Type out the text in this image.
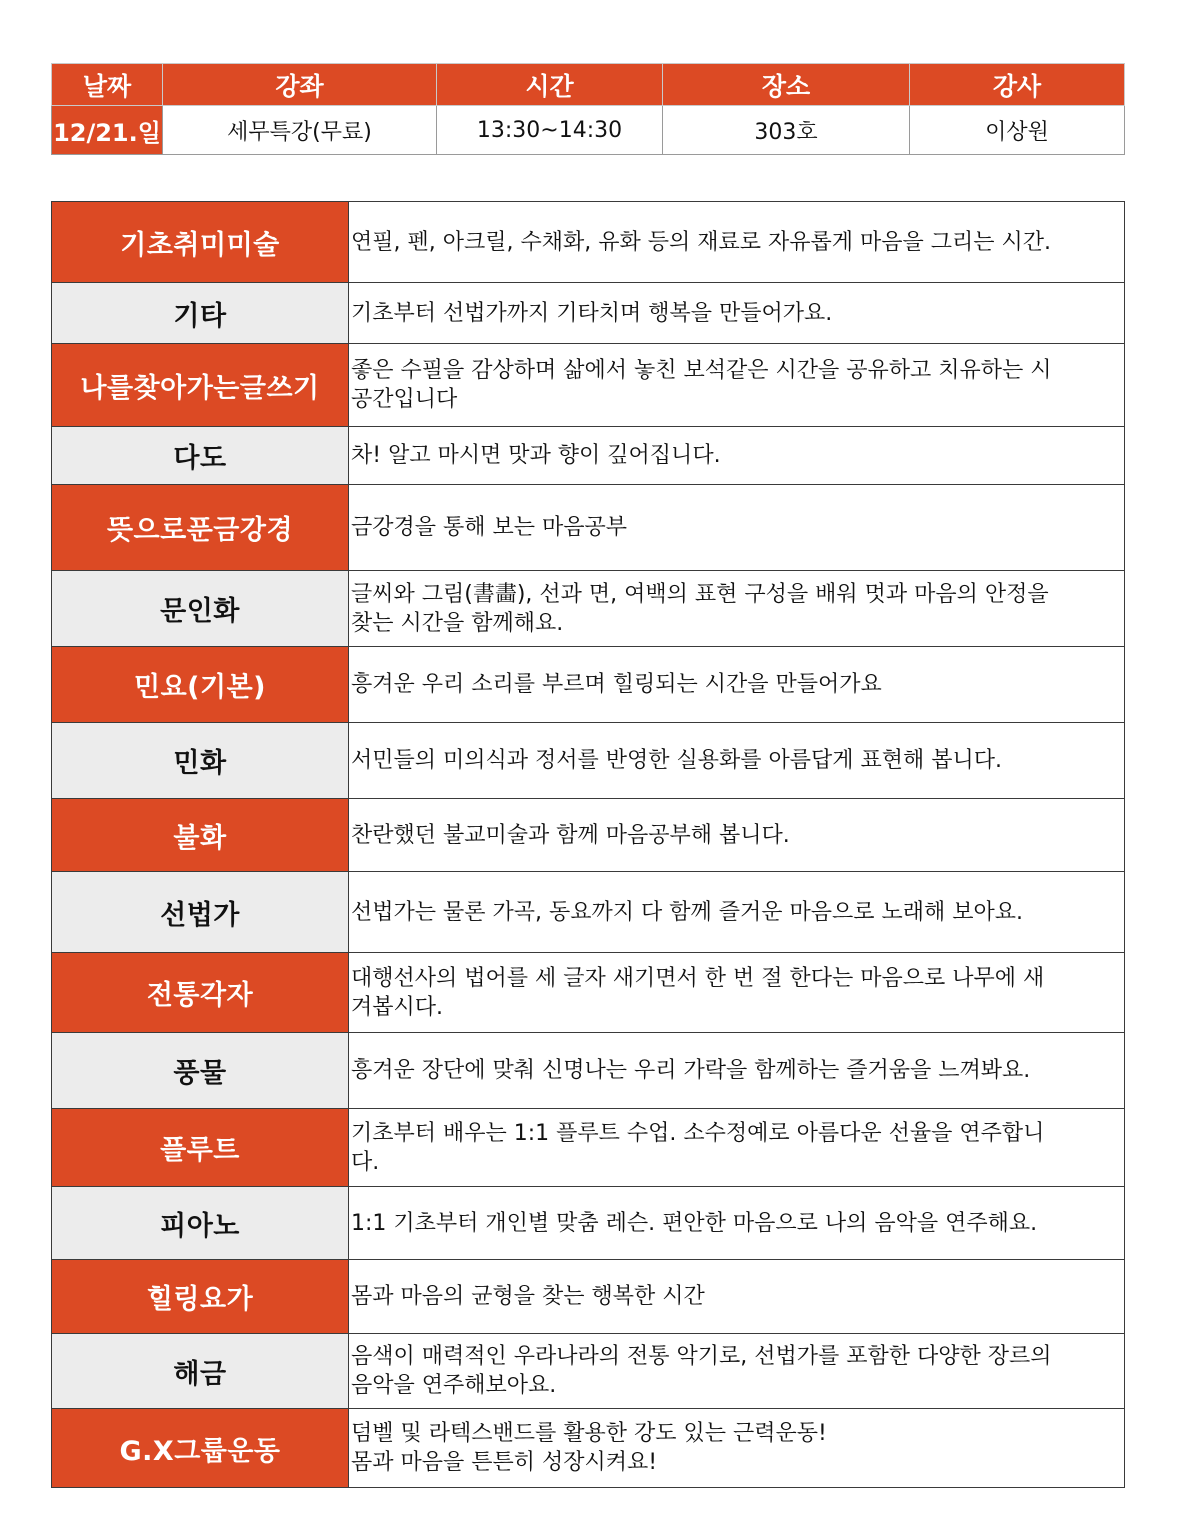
날짜	강좌	시간	장소	강사
12/21.일	세무특강(무료)	13:30~14:30	303호	이상원
기초취미미술	연필, 펜, 아크릴, 수채화, 유화 등의 재료로 자유롭게 마음을 그리는 시간.
기타	기초부터 선법가까지 기타치며 행복을 만들어가요.
나를찾아가는글쓰기	좋은 수필을 감상하며 삶에서 놓친 보석같은 시간을 공유하고 치유하는 시
공간입니다
다도	차! 알고 마시면 맛과 향이 깊어집니다.
뜻으로푼금강경	금강경을 통해 보는 마음공부
문인화	글씨와 그림(書畵), 선과 면, 여백의 표현 구성을 배워 멋과 마음의 안정을
찾는 시간을 함께해요.
민요(기본)	흥겨운 우리 소리를 부르며 힐링되는 시간을 만들어가요
민화	서민들의 미의식과 정서를 반영한 실용화를 아름답게 표현해 봅니다.
불화	찬란했던 불교미술과 함께 마음공부해 봅니다.
선법가	선법가는 물론 가곡, 동요까지 다 함께 즐거운 마음으로 노래해 보아요.
전통각자	대행선사의 법어를 세 글자 새기면서 한 번 절 한다는 마음으로 나무에 새
겨봅시다.
풍물	흥겨운 장단에 맞춰 신명나는 우리 가락을 함께하는 즐거움을 느껴봐요.
플루트	기초부터 배우는 1:1 플루트 수업. 소수정예로 아름다운 선율을 연주합니
다.
피아노	1:1 기초부터 개인별 맞춤 레슨. 편안한 마음으로 나의 음악을 연주해요.
힐링요가	몸과 마음의 균형을 찾는 행복한 시간
해금	음색이 매력적인 우라나라의 전통 악기로, 선법가를 포함한 다양한 장르의
음악을 연주해보아요.
G.X그룹운동	덤벨 및 라텍스밴드를 활용한 강도 있는 근력운동!
몸과 마음을 튼튼히 성장시켜요!
